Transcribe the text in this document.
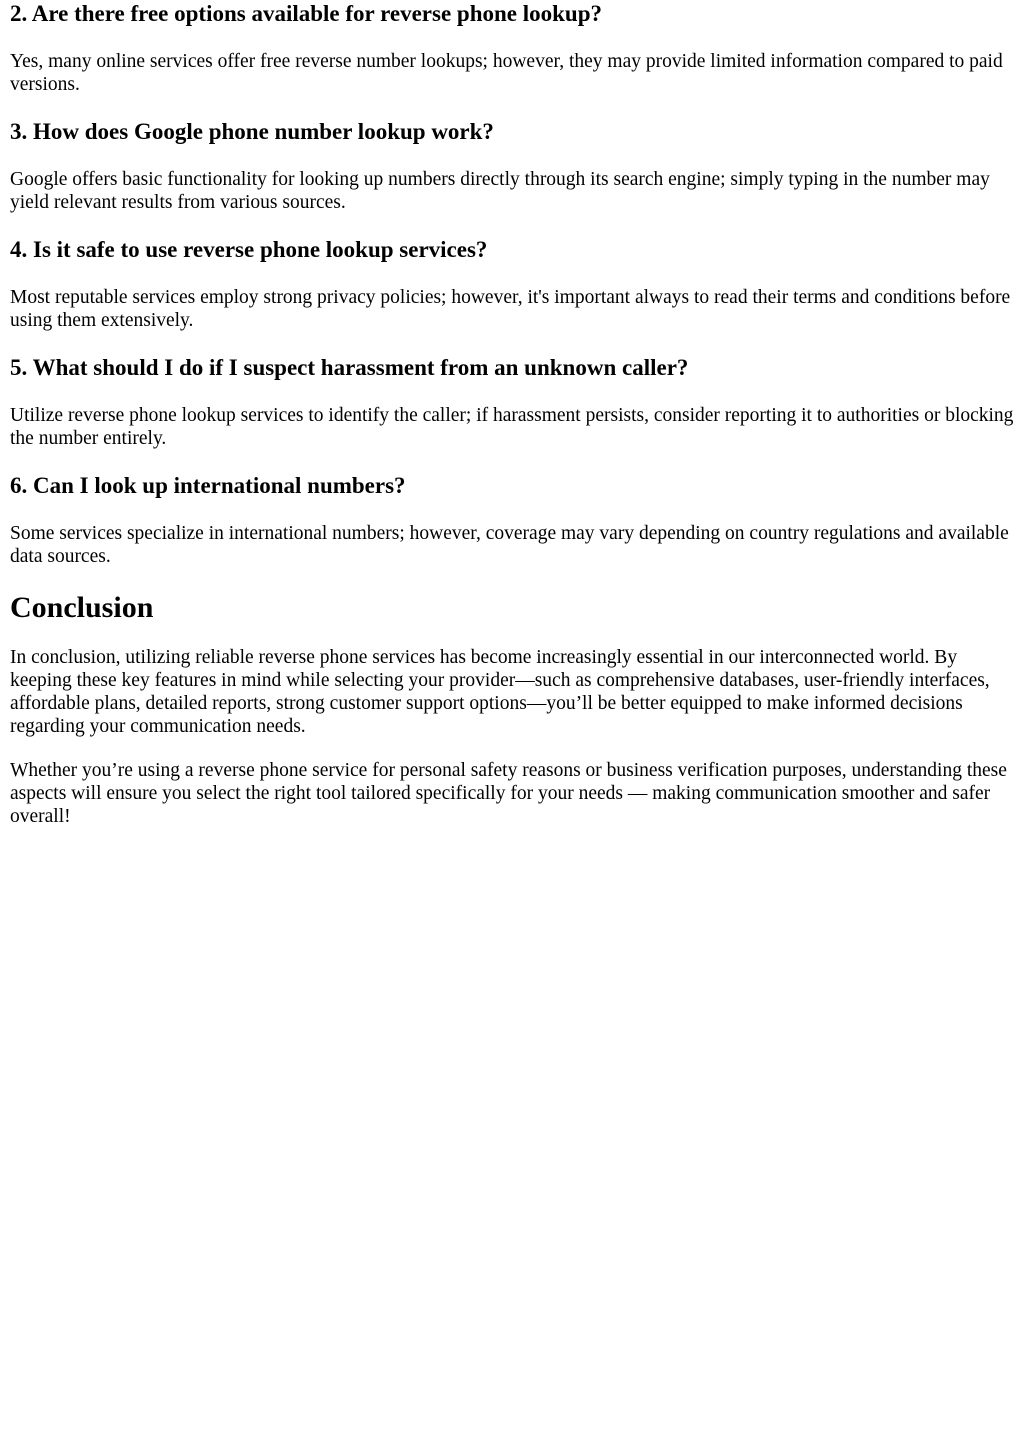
2. Are there free options available for reverse phone lookup?

Yes, many online services offer free reverse number lookups; however, they may provide limited information compared to paid versions.

3. How does Google phone number lookup work?

Google offers basic functionality for looking up numbers directly through its search engine; simply typing in the number may yield relevant results from various sources.

4. Is it safe to use reverse phone lookup services?

Most reputable services employ strong privacy policies; however, it's important always to read their terms and conditions before using them extensively.

5. What should I do if I suspect harassment from an unknown caller?

Utilize reverse phone lookup services to identify the caller; if harassment persists, consider reporting it to authorities or blocking the number entirely.

6. Can I look up international numbers?

Some services specialize in international numbers; however, coverage may vary depending on country regulations and available data sources.

Conclusion

In conclusion, utilizing reliable reverse phone services has become increasingly essential in our interconnected world. By keeping these key features in mind while selecting your provider—such as comprehensive databases, user-friendly interfaces, affordable plans, detailed reports, strong customer support options—you’ll be better equipped to make informed decisions regarding your communication needs.

Whether you’re using a reverse phone service for personal safety reasons or business verification purposes, understanding these aspects will ensure you select the right tool tailored specifically for your needs — making communication smoother and safer overall!
